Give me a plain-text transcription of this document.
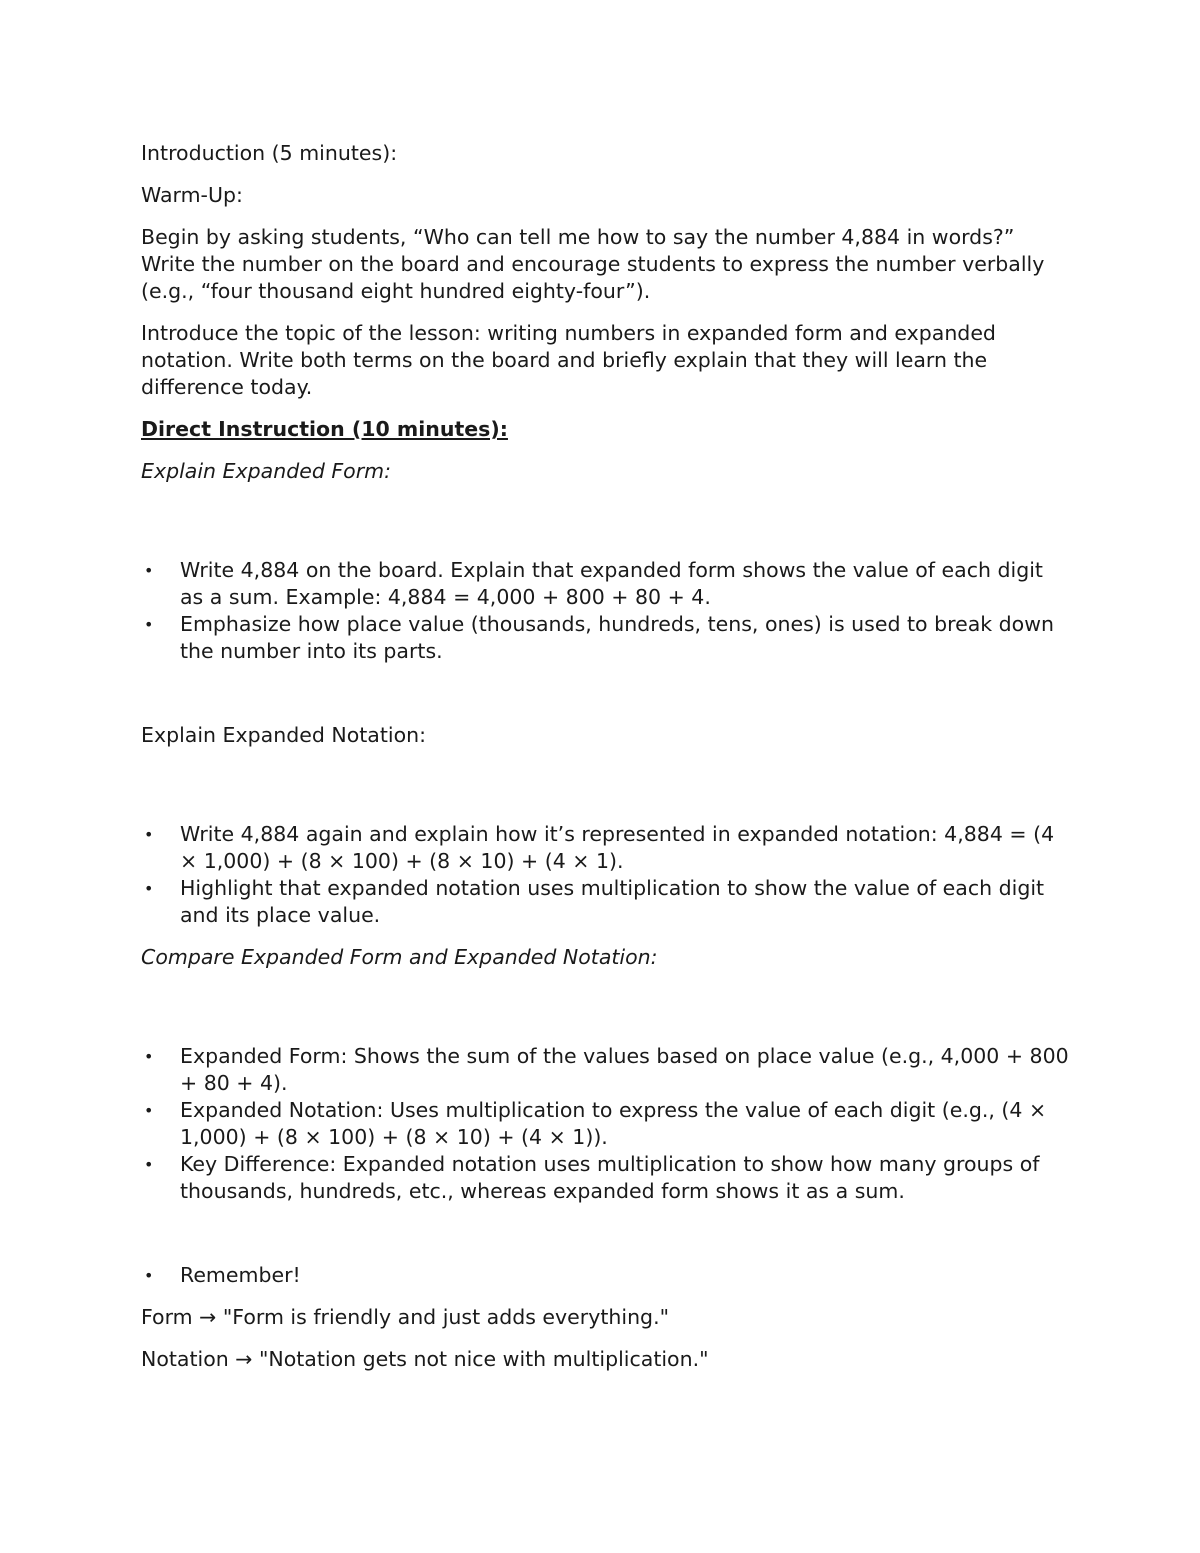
Introduction (5 minutes):

Warm-Up:

Begin by asking students, “Who can tell me how to say the number 4,884 in words?” Write the number on the board and encourage students to express the number verbally (e.g., “four thousand eight hundred eighty-four”).

Introduce the topic of the lesson: writing numbers in expanded form and expanded notation. Write both terms on the board and briefly explain that they will learn the difference today.

Direct Instruction (10 minutes):

Explain Expanded Form:

• Write 4,884 on the board. Explain that expanded form shows the value of each digit as a sum. Example: 4,884 = 4,000 + 800 + 80 + 4.
• Emphasize how place value (thousands, hundreds, tens, ones) is used to break down the number into its parts.

Explain Expanded Notation:

• Write 4,884 again and explain how it’s represented in expanded notation: 4,884 = (4 × 1,000) + (8 × 100) + (8 × 10) + (4 × 1).
• Highlight that expanded notation uses multiplication to show the value of each digit and its place value.

Compare Expanded Form and Expanded Notation:

• Expanded Form: Shows the sum of the values based on place value (e.g., 4,000 + 800 + 80 + 4).
• Expanded Notation: Uses multiplication to express the value of each digit (e.g., (4 × 1,000) + (8 × 100) + (8 × 10) + (4 × 1)).
• Key Difference: Expanded notation uses multiplication to show how many groups of thousands, hundreds, etc., whereas expanded form shows it as a sum.
• Remember!

Form → "Form is friendly and just adds everything."

Notation → "Notation gets not nice with multiplication."
